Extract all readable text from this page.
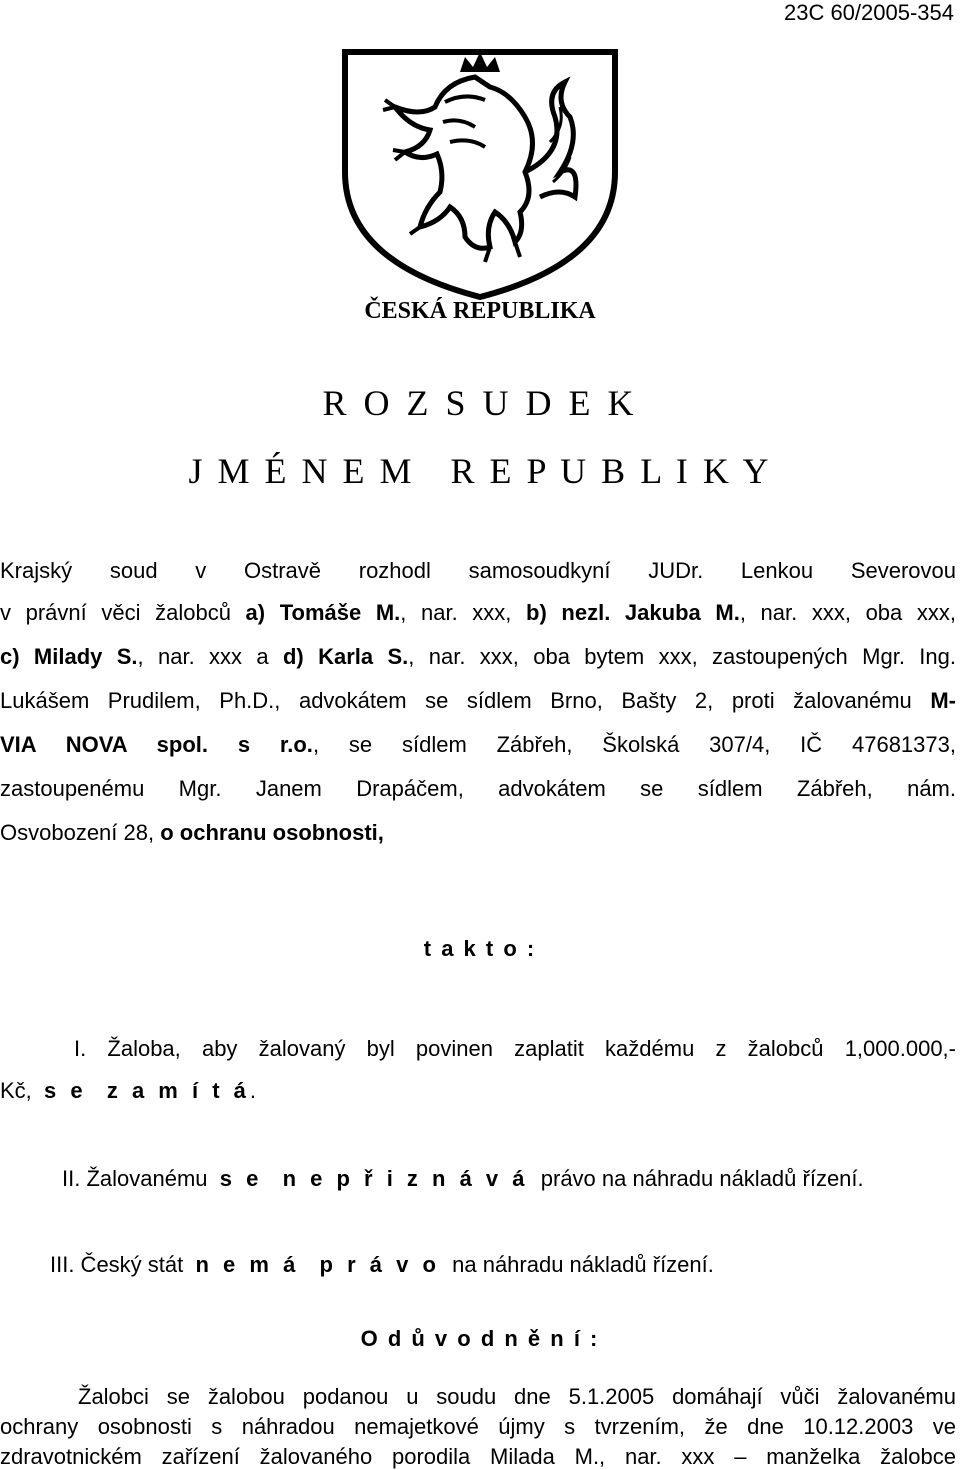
23C 60/2005-354
ČESKÁ REPUBLIKA
R O Z S U D E K
J M É N E M   R E P U B L I K Y
Krajský soud v Ostravě rozhodl samosoudkyní JUDr. Lenkou Severovou
v právní věci žalobců a) Tomáše M., nar. xxx, b) nezl. Jakuba M., nar. xxx, oba xxx,
c) Milady S., nar. xxx a d) Karla S., nar. xxx, oba bytem xxx, zastoupených Mgr. Ing.
Lukášem Prudilem, Ph.D., advokátem se sídlem Brno, Bašty 2, proti žalovanému M-
VIA NOVA spol. s r.o., se sídlem Zábřeh, Školská 307/4, IČ 47681373,
zastoupenému Mgr. Janem Drapáčem, advokátem se sídlem Zábřeh, nám.
Osvobození 28, o ochranu osobnosti,
t a k t o :
I. Žaloba, aby žalovaný byl povinen zaplatit každému z žalobců 1,000.000,-
Kč,  s e  z a m í t á.
II. Žalovanému  s e  n e p ř i z n á v á  právo na náhradu nákladů řízení.
III. Český stát  n e m á  p r á v o  na náhradu nákladů řízení.
O d ů v o d n ě n í :
Žalobci se žalobou podanou u soudu dne 5.1.2005 domáhají vůči žalovanému
ochrany osobnosti s náhradou nemajetkové újmy s tvrzením, že dne 10.12.2003 ve
zdravotnickém zařízení žalovaného porodila Milada M., nar. xxx – manželka žalobce
